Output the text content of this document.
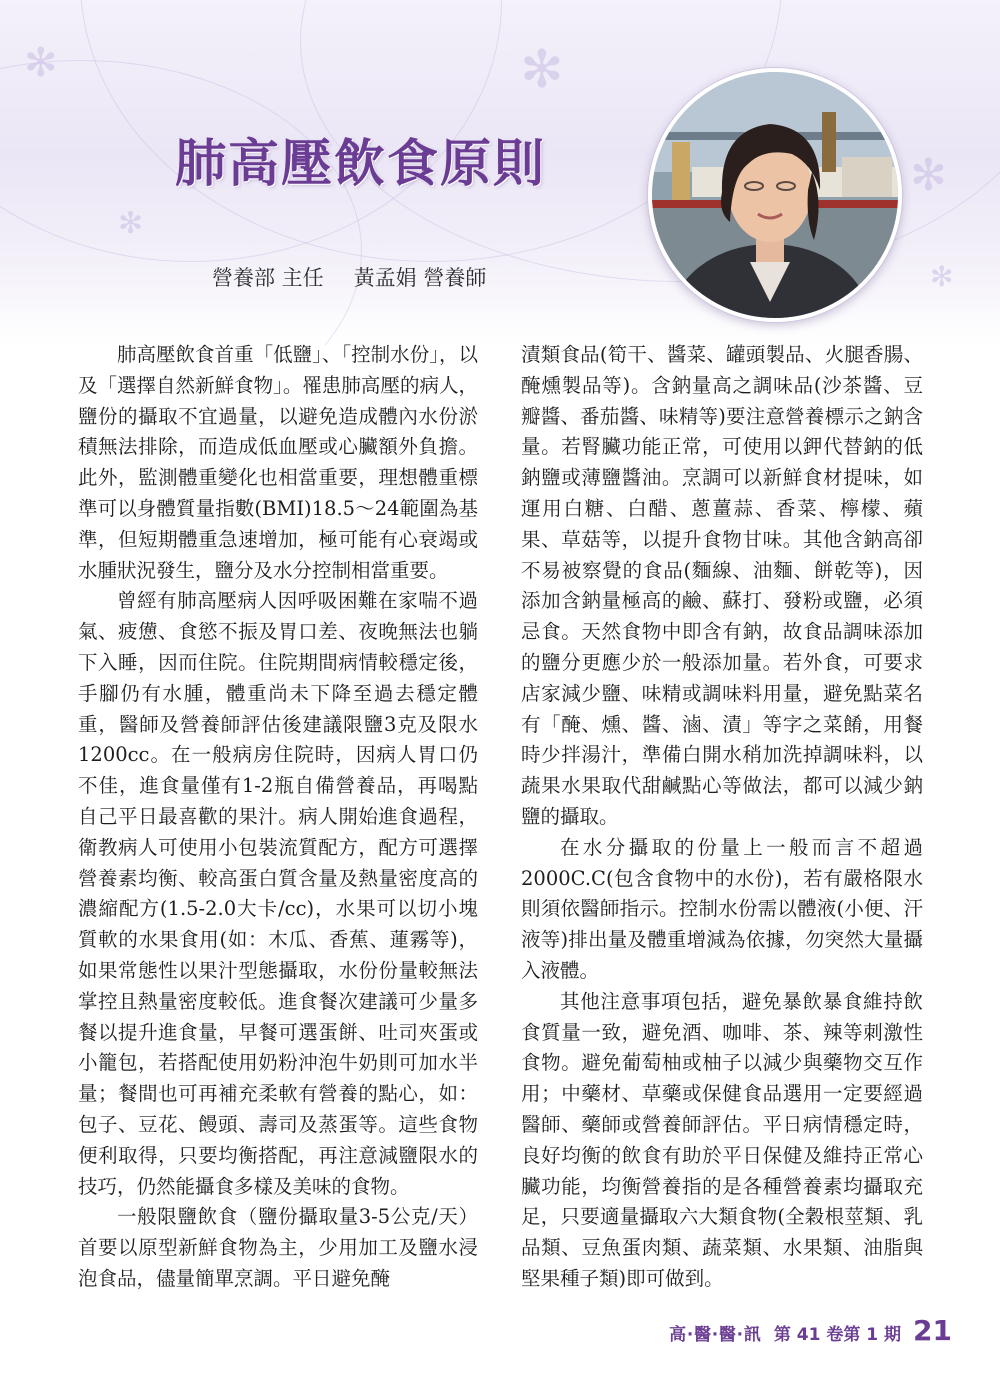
✻
✻
✻
✻
✻
肺高壓飲食原則
營養部 主任 黃孟娟 營養師

肺高壓飲食首重「低鹽」、「控制水份」，以及「選擇自然新鮮食物」。罹患肺高壓的病人，鹽份的攝取不宜過量，以避免造成體內水份淤積無法排除，而造成低血壓或心臟額外負擔。此外，監測體重變化也相當重要，理想體重標準可以身體質量指數(BMI)18.5～24範圍為基準，但短期體重急速增加，極可能有心衰竭或水腫狀況發生，鹽分及水分控制相當重要。

曾經有肺高壓病人因呼吸困難在家喘不過氣、疲憊、食慾不振及胃口差、夜晚無法也躺下入睡，因而住院。住院期間病情較穩定後，手腳仍有水腫，體重尚未下降至過去穩定體重，醫師及營養師評估後建議限鹽3克及限水1200cc。在一般病房住院時，因病人胃口仍不佳，進食量僅有1-2瓶自備營養品，再喝點自己平日最喜歡的果汁。病人開始進食過程，衛教病人可使用小包裝流質配方，配方可選擇營養素均衡、較高蛋白質含量及熱量密度高的濃縮配方(1.5-2.0大卡/cc)，水果可以切小塊質軟的水果食用(如：木瓜、香蕉、蓮霧等)，如果常態性以果汁型態攝取，水份份量較無法掌控且熱量密度較低。進食餐次建議可少量多餐以提升進食量，早餐可選蛋餅、吐司夾蛋或小籠包，若搭配使用奶粉沖泡牛奶則可加水半量；餐間也可再補充柔軟有營養的點心，如：包子、豆花、饅頭、壽司及蒸蛋等。這些食物便利取得，只要均衡搭配，再注意減鹽限水的技巧，仍然能攝食多樣及美味的食物。

一般限鹽飲食（鹽份攝取量3-5公克/天）首要以原型新鮮食物為主，少用加工及鹽水浸泡食品，儘量簡單烹調。平日避免醃

漬類食品(筍干、醬菜、罐頭製品、火腿香腸、醃燻製品等)。含鈉量高之調味品(沙茶醬、豆瓣醬、番茄醬、味精等)要注意營養標示之鈉含量。若腎臟功能正常，可使用以鉀代替鈉的低鈉鹽或薄鹽醬油。烹調可以新鮮食材提味，如運用白糖、白醋、蔥薑蒜、香菜、檸檬、蘋果、草菇等，以提升食物甘味。其他含鈉高卻不易被察覺的食品(麵線、油麵、餅乾等)，因添加含鈉量極高的鹼、蘇打、發粉或鹽，必須忌食。天然食物中即含有鈉，故食品調味添加的鹽分更應少於一般添加量。若外食，可要求店家減少鹽、味精或調味料用量，避免點菜名有「醃、燻、醬、滷、漬」等字之菜餚，用餐時少拌湯汁，準備白開水稍加洗掉調味料，以蔬果水果取代甜鹹點心等做法，都可以減少鈉鹽的攝取。

在水分攝取的份量上一般而言不超過2000C.C(包含食物中的水份)，若有嚴格限水則須依醫師指示。控制水份需以體液(小便、汗液等)排出量及體重增減為依據，勿突然大量攝入液體。

其他注意事項包括，避免暴飲暴食維持飲食質量一致，避免酒、咖啡、茶、辣等刺激性食物。避免葡萄柚或柚子以減少與藥物交互作用；中藥材、草藥或保健食品選用一定要經過醫師、藥師或營養師評估。平日病情穩定時，良好均衡的飲食有助於平日保健及維持正常心臟功能，均衡營養指的是各種營養素均攝取充足，只要適量攝取六大類食物(全穀根莖類、乳品類、豆魚蛋肉類、蔬菜類、水果類、油脂與堅果種子類)即可做到。

高‧醫‧醫‧訊 第 41 卷第 1 期 21
